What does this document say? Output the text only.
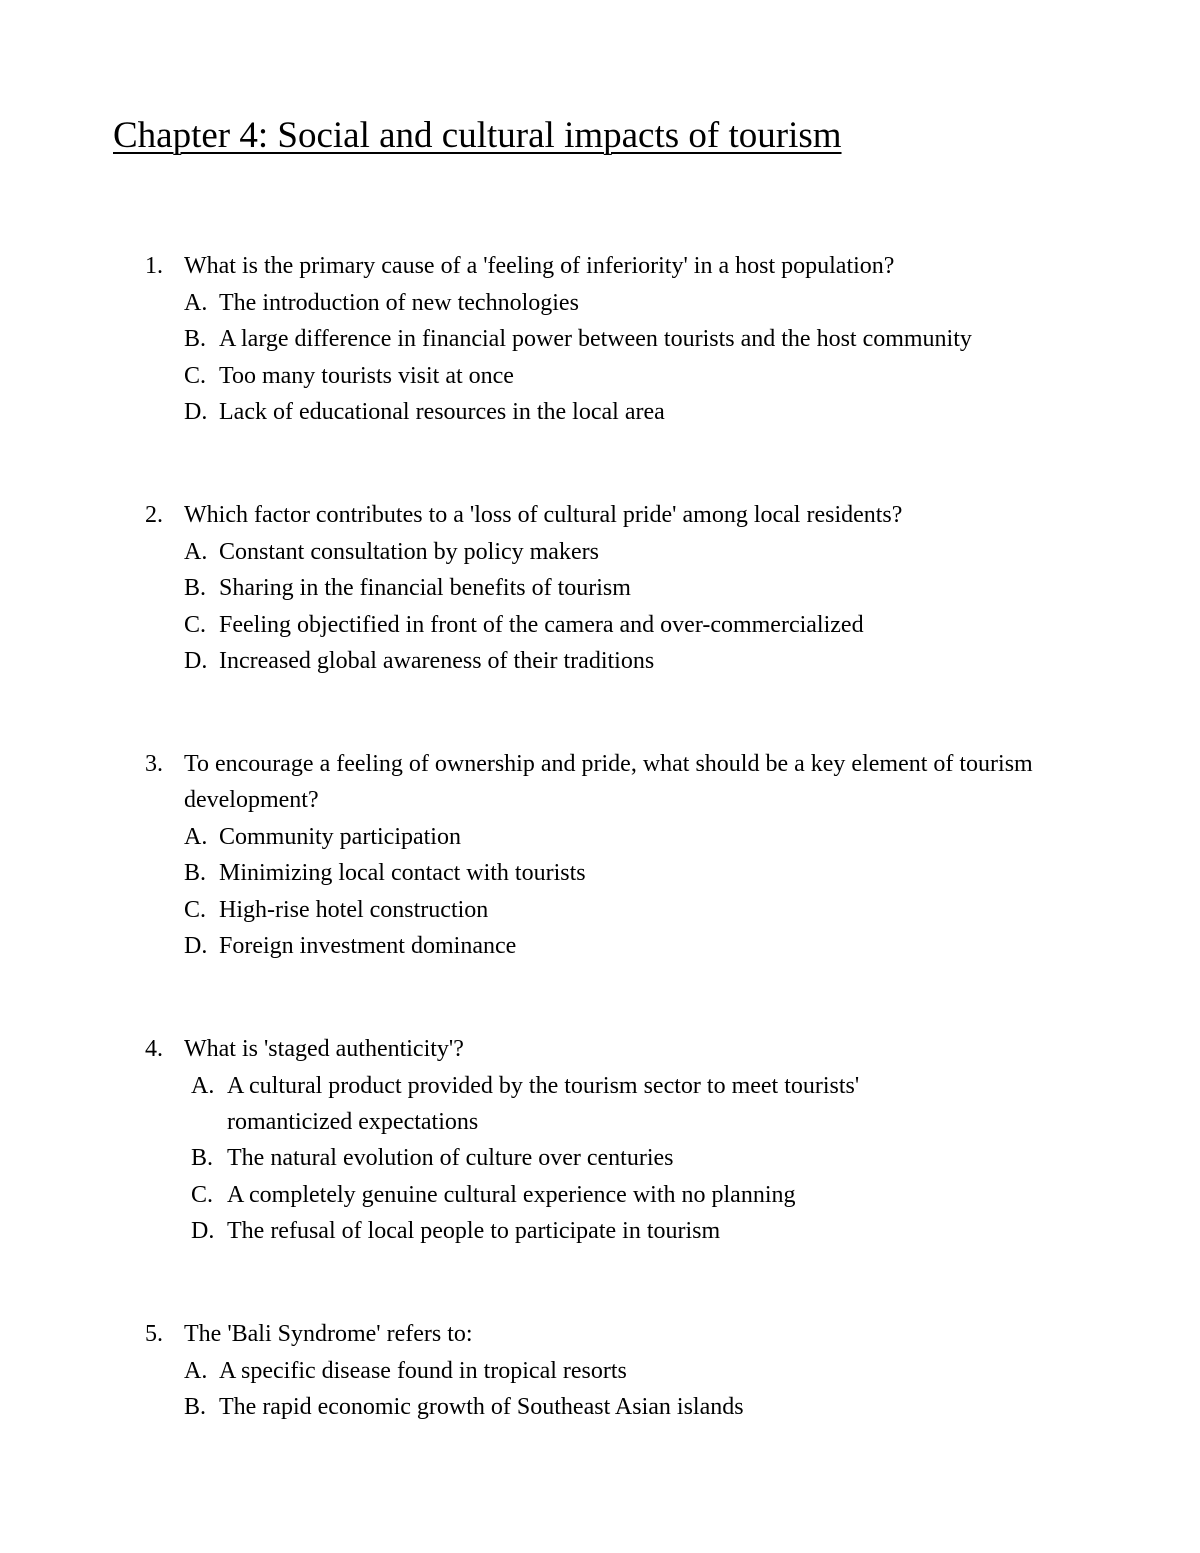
Chapter 4: Social and cultural impacts of tourism
1. What is the primary cause of a 'feeling of inferiority' in a host population?
A. The introduction of new technologies
B. A large difference in financial power between tourists and the host community
C. Too many tourists visit at once
D. Lack of educational resources in the local area
2. Which factor contributes to a 'loss of cultural pride' among local residents?
A. Constant consultation by policy makers
B. Sharing in the financial benefits of tourism
C. Feeling objectified in front of the camera and over-commercialized
D. Increased global awareness of their traditions
3. To encourage a feeling of ownership and pride, what should be a key element of tourism development?
A. Community participation
B. Minimizing local contact with tourists
C. High-rise hotel construction
D. Foreign investment dominance
4. What is 'staged authenticity'?
A. A cultural product provided by the tourism sector to meet tourists' romanticized expectations
B. The natural evolution of culture over centuries
C. A completely genuine cultural experience with no planning
D. The refusal of local people to participate in tourism
5. The 'Bali Syndrome' refers to:
A. A specific disease found in tropical resorts
B. The rapid economic growth of Southeast Asian islands
